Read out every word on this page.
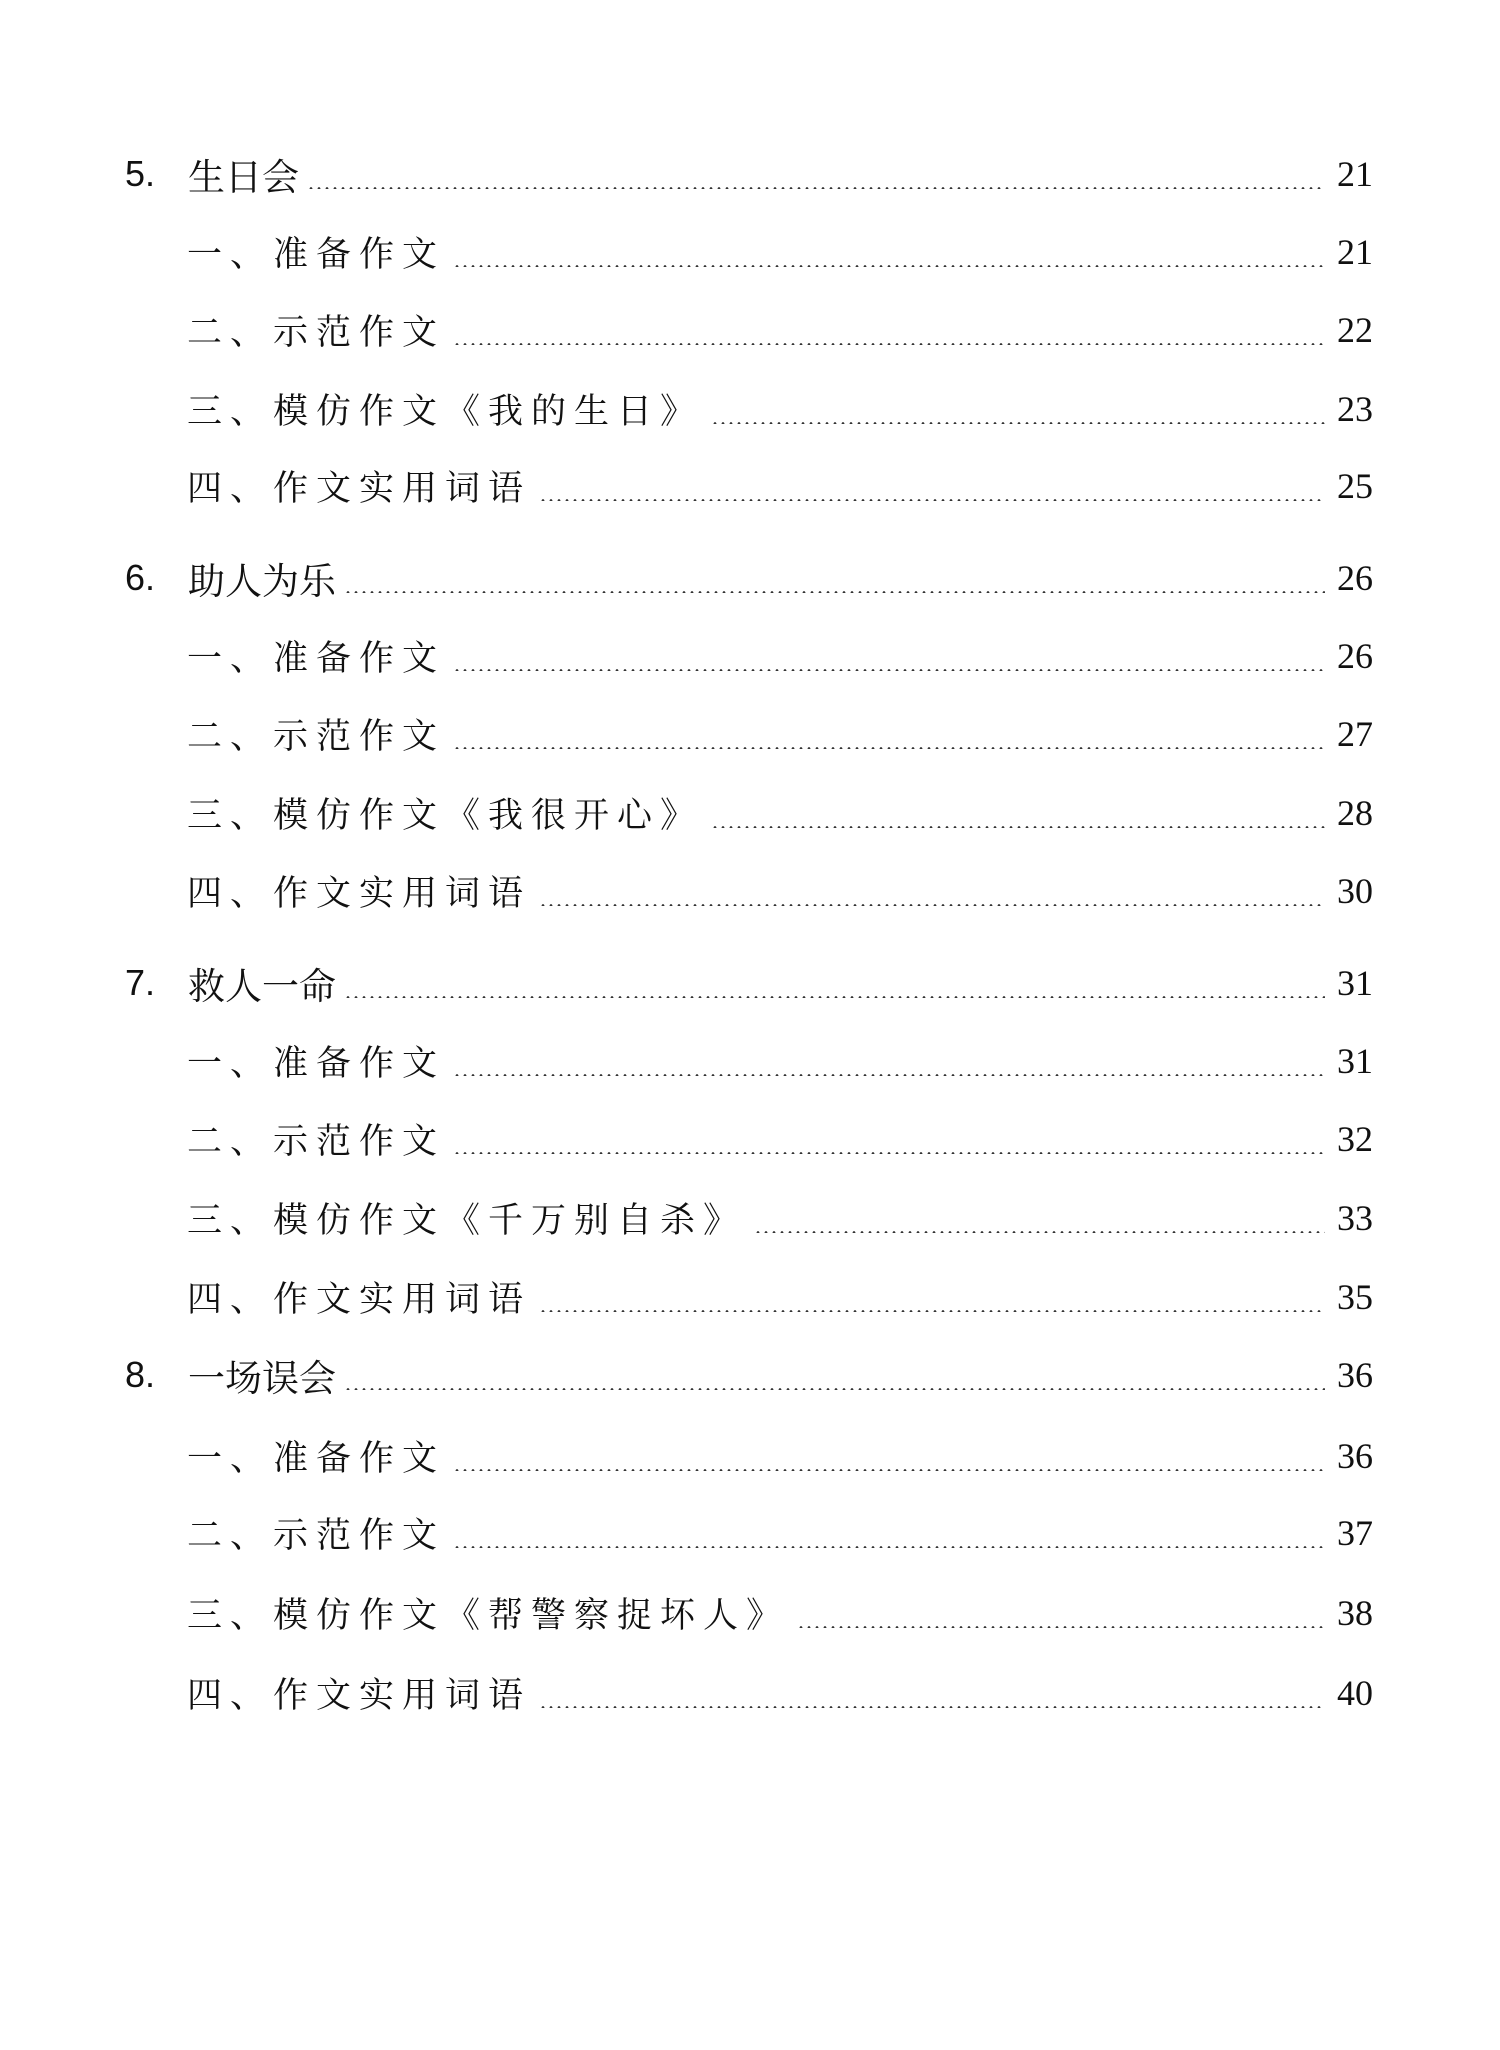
5. 生日会	21
一、准备作文	21
二、示范作文	22
三、模仿作文《我的生日》	23
四、作文实用词语	25
6. 助人为乐	26
一、准备作文	26
二、示范作文	27
三、模仿作文《我很开心》	28
四、作文实用词语	30
7. 救人一命	31
一、准备作文	31
二、示范作文	32
三、模仿作文《千万别自杀》	33
四、作文实用词语	35
8. 一场误会	36
一、准备作文	36
二、示范作文	37
三、模仿作文《帮警察捉坏人》	38
四、作文实用词语	40
